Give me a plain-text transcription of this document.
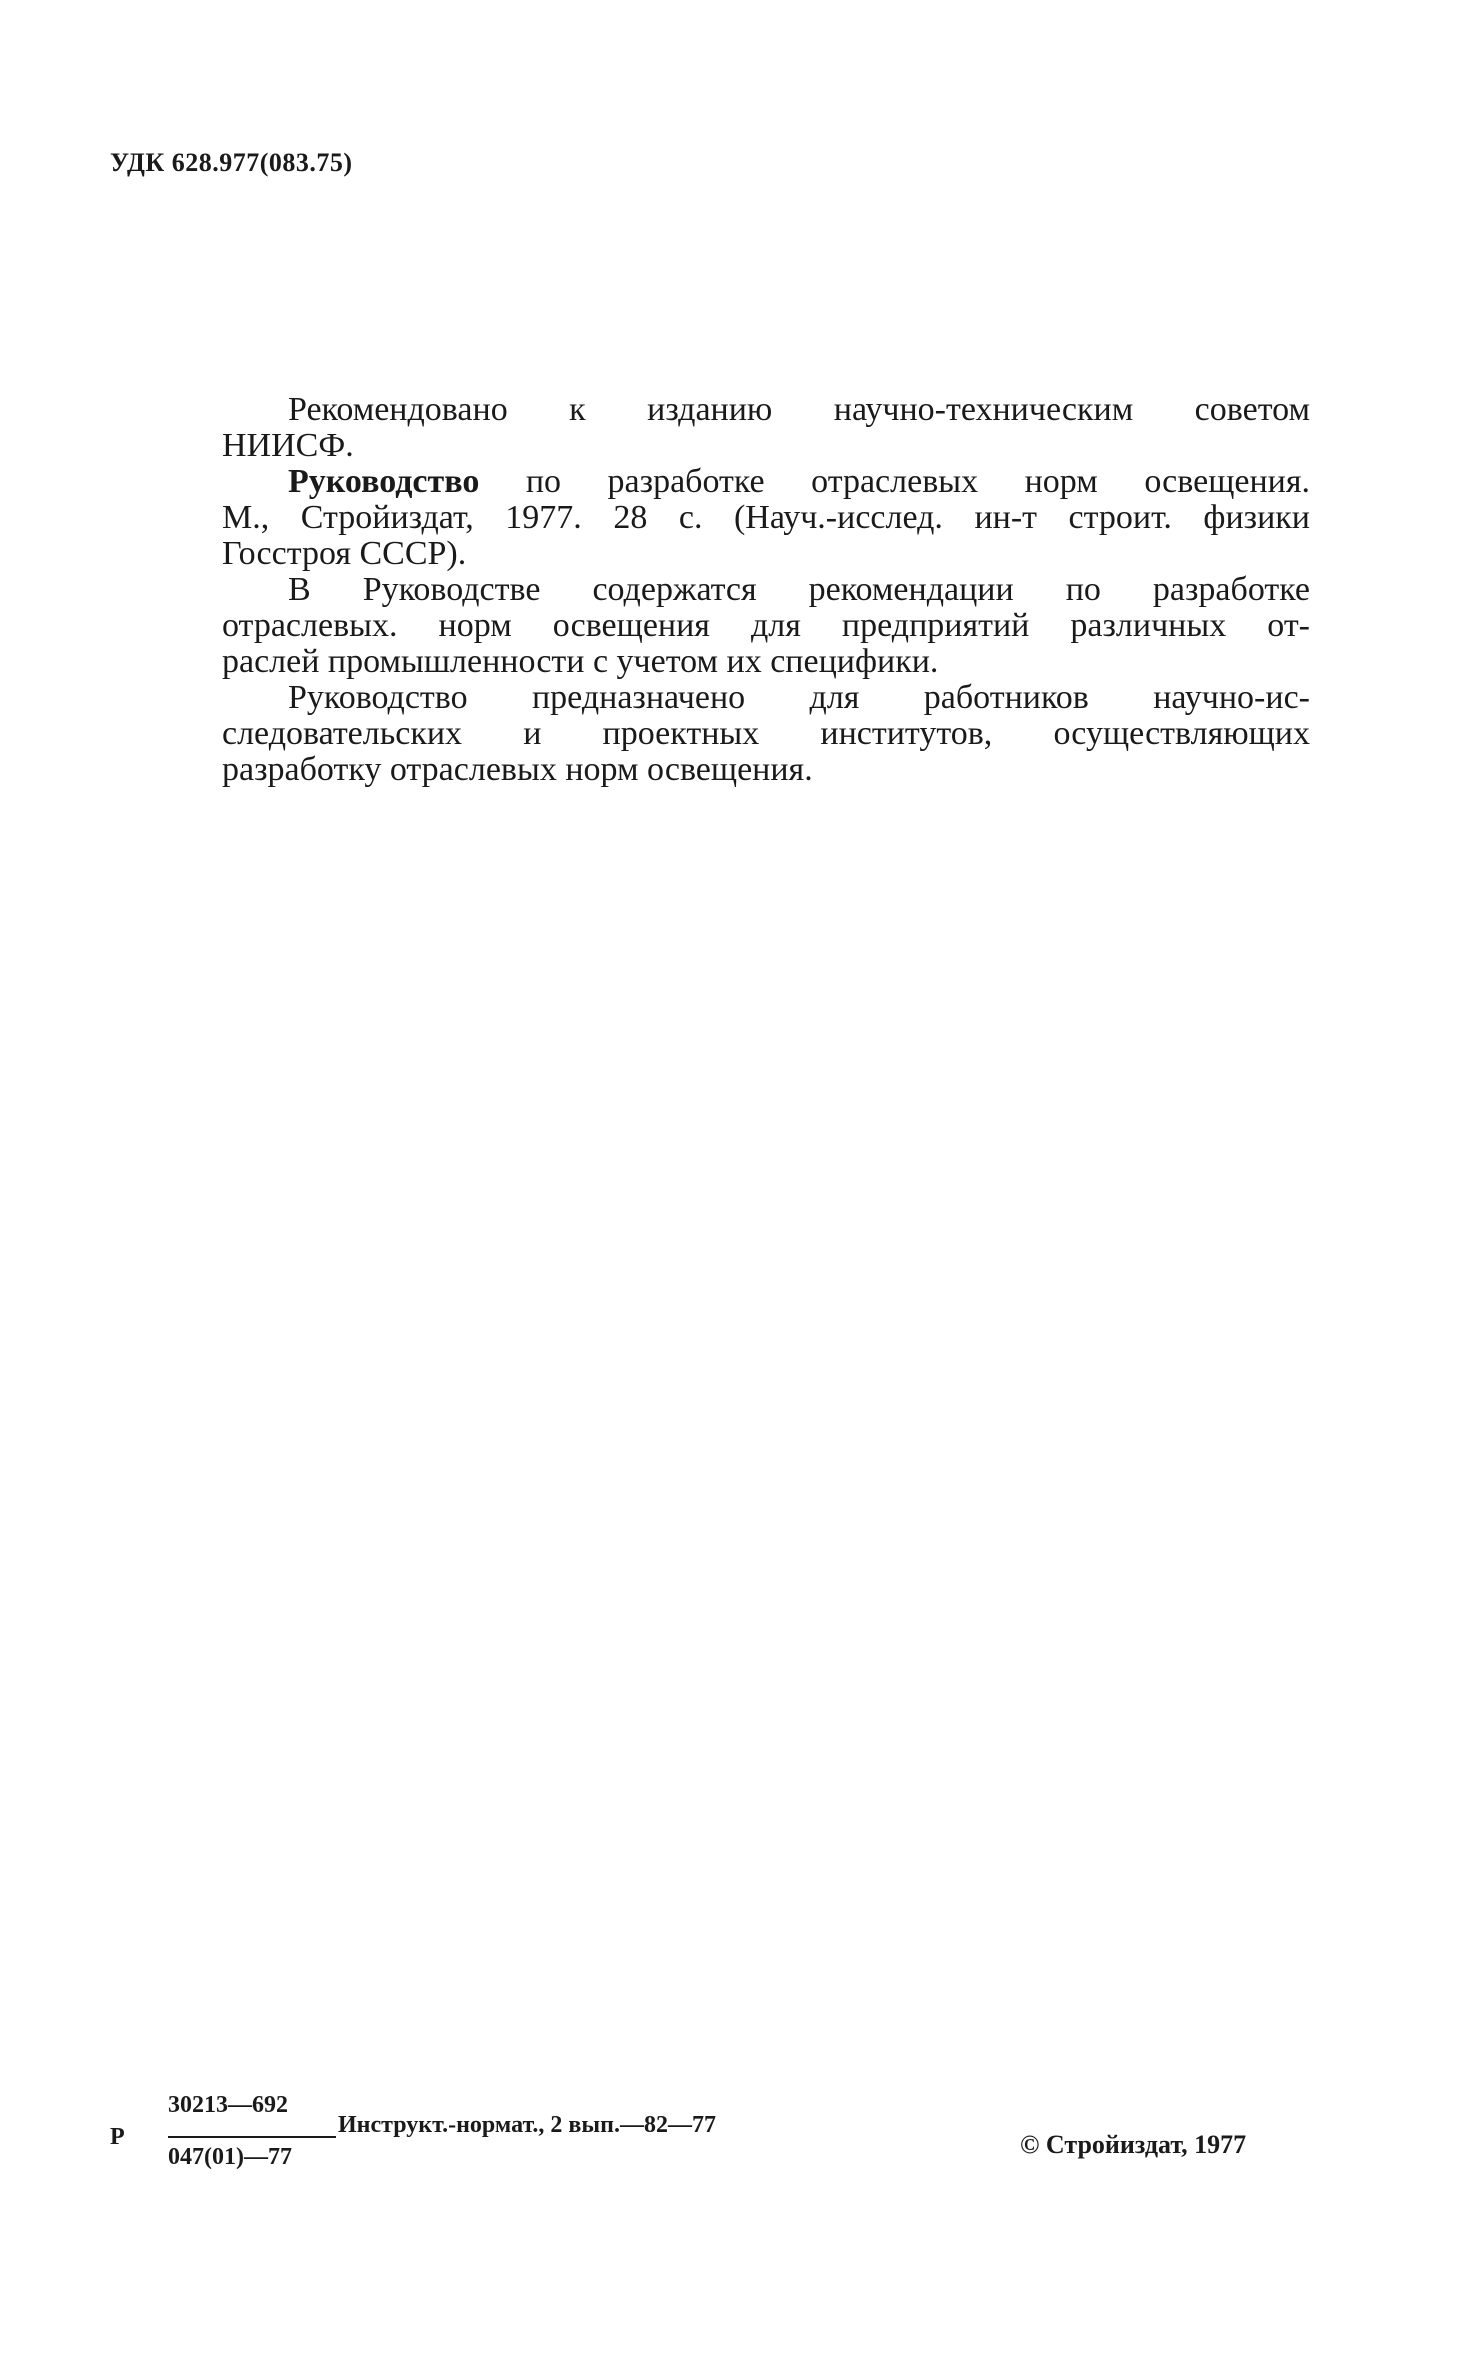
УДК 628.977(083.75)

Рекомендовано к изданию научно-техническим советом
НИИСФ.

Руководство по разработке отраслевых норм освещения.
М., Стройиздат, 1977. 28 с. (Науч.-исслед. ин-т строит. физики
Госстроя СССР).

В Руководстве содержатся рекомендации по разработке
отраслевых. норм освещения для предприятий различных от-
раслей промышленности с учетом их специфики.

Руководство предназначено для работников научно-ис-
следовательских и проектных институтов, осуществляющих
разработку отраслевых норм освещения.

Р
30213—692
047(01)—77
Инструкт.-нормат., 2 вып.—82—77
© Стройиздат, 1977
